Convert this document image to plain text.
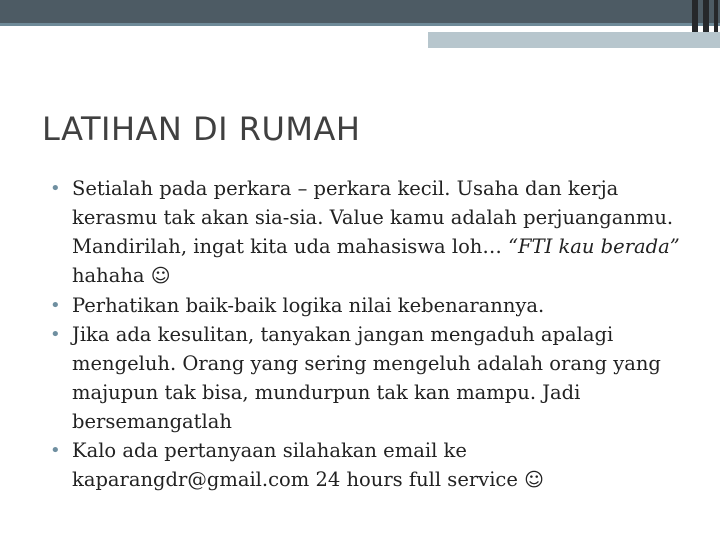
LATIHAN DI RUMAH
• Setialah pada perkara – perkara kecil. Usaha dan kerja kerasmu tak akan sia-sia. Value kamu adalah perjuanganmu. Mandirilah, ingat kita uda mahasiswa loh… “FTI kau berada” hahaha ☺
• Perhatikan baik-baik logika nilai kebenarannya.
• Jika ada kesulitan, tanyakan jangan mengaduh apalagi mengeluh. Orang yang sering mengeluh adalah orang yang majupun tak bisa, mundurpun tak kan mampu. Jadi bersemangatlah
• Kalo ada pertanyaan silahakan email ke kaparangdr@gmail.com 24 hours full service ☺
